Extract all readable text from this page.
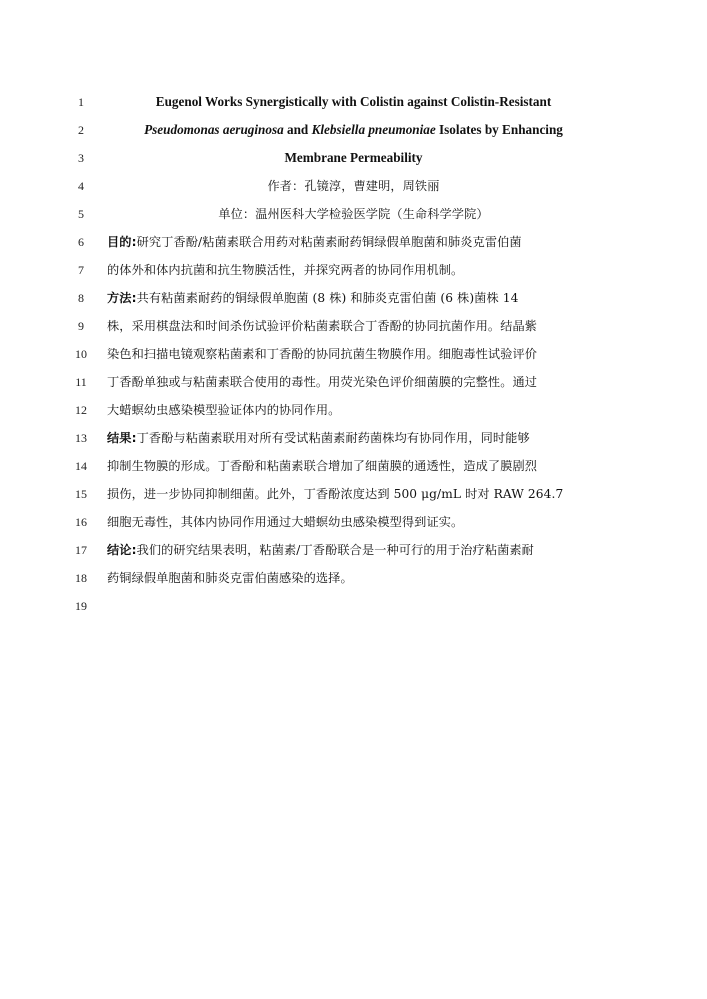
1	Eugenol Works Synergistically with Colistin against Colistin-Resistant
2	Pseudomonas aeruginosa and Klebsiella pneumoniae Isolates by Enhancing
3	Membrane Permeability
4	作者：孔镜淳，曹建明，周铁丽
5	单位：温州医科大学检验医学院（生命科学学院）
6	目的:研究丁香酚/粘菌素联合用药对粘菌素耐药铜绿假单胞菌和肺炎克雷伯菌
7	的体外和体内抗菌和抗生物膜活性，并探究两者的协同作用机制。
8	方法:共有粘菌素耐药的铜绿假单胞菌 (8 株) 和肺炎克雷伯菌 (6 株)菌株 14
9	株，采用棋盘法和时间杀伤试验评价粘菌素联合丁香酚的协同抗菌作用。结晶紫
10	染色和扫描电镜观察粘菌素和丁香酚的协同抗菌生物膜作用。细胞毒性试验评价
11	丁香酚单独或与粘菌素联合使用的毒性。用荧光染色评价细菌膜的完整性。通过
12	大蜡螟幼虫感染模型验证体内的协同作用。
13	结果:丁香酚与粘菌素联用对所有受试粘菌素耐药菌株均有协同作用，同时能够
14	抑制生物膜的形成。丁香酚和粘菌素联合增加了细菌膜的通透性，造成了膜剧烈
15	损伤，进一步协同抑制细菌。此外，丁香酚浓度达到 500 μg/mL 时对 RAW 264.7
16	细胞无毒性，其体内协同作用通过大蜡螟幼虫感染模型得到证实。
17	结论:我们的研究结果表明，粘菌素/丁香酚联合是一种可行的用于治疗粘菌素耐
18	药铜绿假单胞菌和肺炎克雷伯菌感染的选择。
19
